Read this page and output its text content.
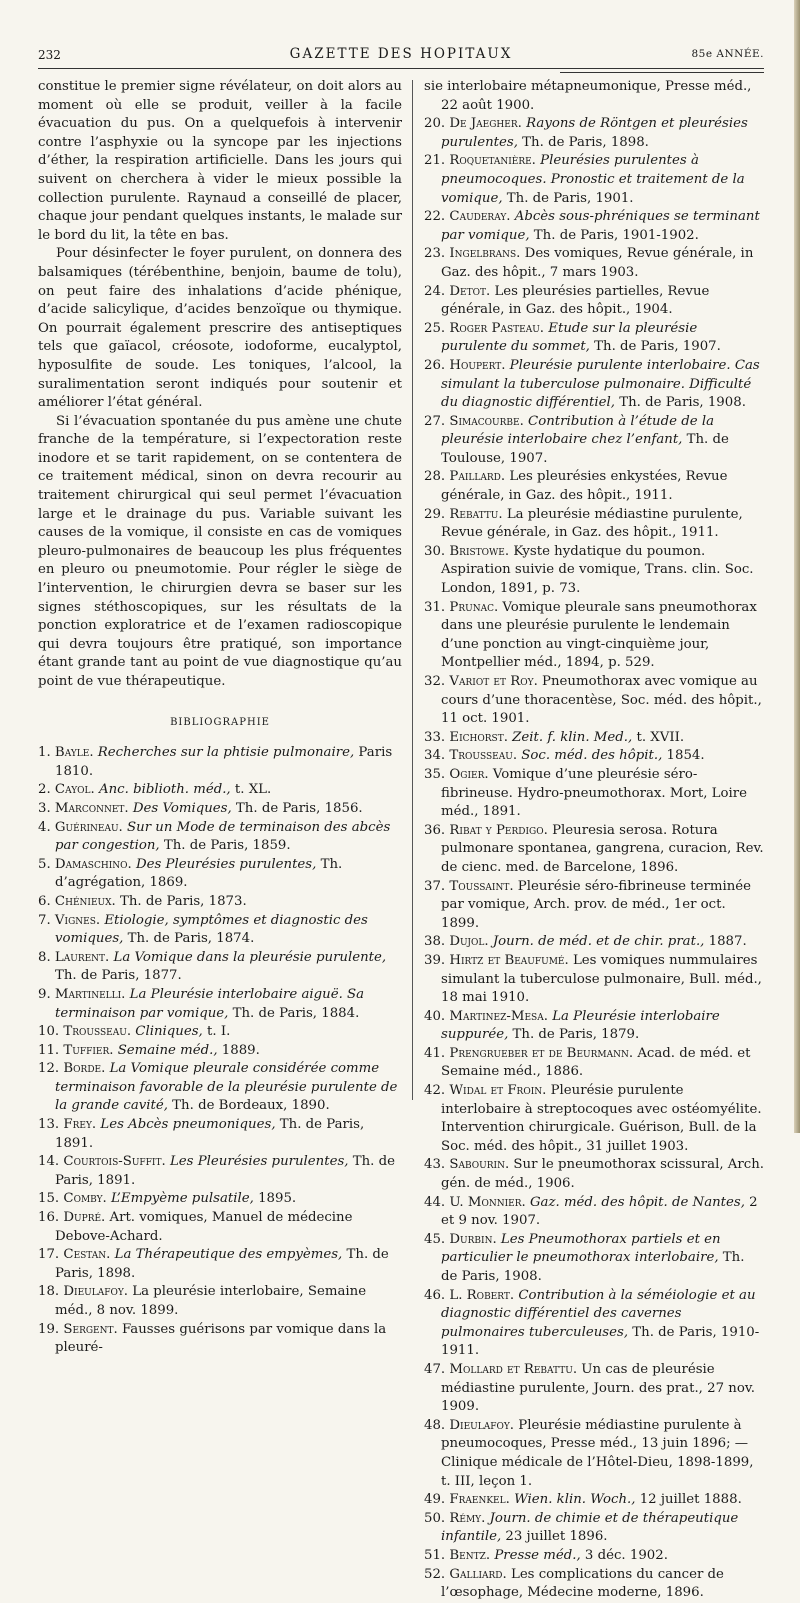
232	GAZETTE DES HOPITAUX	85e ANNÉE.

constitue le premier signe révélateur, on doit alors au moment où elle se produit, veiller à la facile évacuation du pus. On a quelquefois à intervenir contre l’asphyxie ou la syncope par les injections d’éther, la respiration artificielle. Dans les jours qui suivent on cherchera à vider le mieux possible la collection purulente. Raynaud a conseillé de placer, chaque jour pendant quelques instants, le malade sur le bord du lit, la tête en bas.

Pour désinfecter le foyer purulent, on donnera des balsamiques (térébenthine, benjoin, baume de tolu), on peut faire des inhalations d’acide phénique, d’acide salicylique, d’acides benzoïque ou thymique. On pourrait également prescrire des antiseptiques tels que gaïacol, créosote, iodoforme, eucalyptol, hyposulfite de soude. Les toniques, l’alcool, la suralimentation seront indiqués pour soutenir et améliorer l’état général.

Si l’évacuation spontanée du pus amène une chute franche de la température, si l’expectoration reste inodore et se tarit rapidement, on se contentera de ce traitement médical, sinon on devra recourir au traitement chirurgical qui seul permet l’évacuation large et le drainage du pus. Variable suivant les causes de la vomique, il consiste en cas de vomiques pleuro-pulmonaires de beaucoup les plus fréquentes en pleuro ou pneumotomie. Pour régler le siège de l’intervention, le chirurgien devra se baser sur les signes stéthoscopiques, sur les résultats de la ponction exploratrice et de l’examen radioscopique qui devra toujours être pratiqué, son importance étant grande tant au point de vue diagnostique qu’au point de vue thérapeutique.

BIBLIOGRAPHIE
1. Bayle. Recherches sur la phtisie pulmonaire, Paris 1810.
2. Cayol. Anc. biblioth. méd., t. XL.
3. Marconnet. Des Vomiques, Th. de Paris, 1856.
4. Guérineau. Sur un Mode de terminaison des abcès par congestion, Th. de Paris, 1859.
5. Damaschino. Des Pleurésies purulentes, Th. d’agrégation, 1869.
6. Chénieux. Th. de Paris, 1873.
7. Vignes. Etiologie, symptômes et diagnostic des vomiques, Th. de Paris, 1874.
8. Laurent. La Vomique dans la pleurésie purulente, Th. de Paris, 1877.
9. Martinelli. La Pleurésie interlobaire aiguë. Sa terminaison par vomique, Th. de Paris, 1884.
10. Trousseau. Cliniques, t. I.
11. Tuffier. Semaine méd., 1889.
12. Borde. La Vomique pleurale considérée comme terminaison favorable de la pleurésie purulente de la grande cavité, Th. de Bordeaux, 1890.
13. Frey. Les Abcès pneumoniques, Th. de Paris, 1891.
14. Courtois-Suffit. Les Pleurésies purulentes, Th. de Paris, 1891.
15. Comby. L’Empyème pulsatile, 1895.
16. Dupré. Art. vomiques, Manuel de médecine Debove-Achard.
17. Cestan. La Thérapeutique des empyèmes, Th. de Paris, 1898.
18. Dieulafoy. La pleurésie interlobaire, Semaine méd., 8 nov. 1899.
19. Sergent. Fausses guérisons par vomique dans la pleuré-
sie interlobaire métapneumonique, Presse méd., 22 août 1900.
20. De Jaegher. Rayons de Röntgen et pleurésies purulentes, Th. de Paris, 1898.
21. Roquetanière. Pleurésies purulentes à pneumocoques. Pronostic et traitement de la vomique, Th. de Paris, 1901.
22. Cauderay. Abcès sous-phréniques se terminant par vomique, Th. de Paris, 1901-1902.
23. Ingelbrans. Des vomiques, Revue générale, in Gaz. des hôpit., 7 mars 1903.
24. Detot. Les pleurésies partielles, Revue générale, in Gaz. des hôpit., 1904.
25. Roger Pasteau. Etude sur la pleurésie purulente du sommet, Th. de Paris, 1907.
26. Houpert. Pleurésie purulente interlobaire. Cas simulant la tuberculose pulmonaire. Difficulté du diagnostic différentiel, Th. de Paris, 1908.
27. Simacourbe. Contribution à l’étude de la pleurésie interlobaire chez l’enfant, Th. de Toulouse, 1907.
28. Paillard. Les pleurésies enkystées, Revue générale, in Gaz. des hôpit., 1911.
29. Rebattu. La pleurésie médiastine purulente, Revue générale, in Gaz. des hôpit., 1911.
30. Bristowe. Kyste hydatique du poumon. Aspiration suivie de vomique, Trans. clin. Soc. London, 1891, p. 73.
31. Prunac. Vomique pleurale sans pneumothorax dans une pleurésie purulente le lendemain d’une ponction au vingt-cinquième jour, Montpellier méd., 1894, p. 529.
32. Variot et Roy. Pneumothorax avec vomique au cours d’une thoracentèse, Soc. méd. des hôpit., 11 oct. 1901.
33. Eichorst. Zeit. f. klin. Med., t. XVII.
34. Trousseau. Soc. méd. des hôpit., 1854.
35. Ogier. Vomique d’une pleurésie séro-fibrineuse. Hydro-pneumothorax. Mort, Loire méd., 1891.
36. Ribat y Perdigo. Pleuresia serosa. Rotura pulmonare spontanea, gangrena, curacion, Rev. de cienc. med. de Barcelone, 1896.
37. Toussaint. Pleurésie séro-fibrineuse terminée par vomique, Arch. prov. de méd., 1er oct. 1899.
38. Dujol. Journ. de méd. et de chir. prat., 1887.
39. Hirtz et Beaufumé. Les vomiques nummulaires simulant la tuberculose pulmonaire, Bull. méd., 18 mai 1910.
40. Martinez-Mesa. La Pleurésie interlobaire suppurée, Th. de Paris, 1879.
41. Prengrueber et de Beurmann. Acad. de méd. et Semaine méd., 1886.
42. Widal et Froin. Pleurésie purulente interlobaire à streptocoques avec ostéomyélite. Intervention chirurgicale. Guérison, Bull. de la Soc. méd. des hôpit., 31 juillet 1903.
43. Sabourin. Sur le pneumothorax scissural, Arch. gén. de méd., 1906.
44. U. Monnier. Gaz. méd. des hôpit. de Nantes, 2 et 9 nov. 1907.
45. Durbin. Les Pneumothorax partiels et en particulier le pneumothorax interlobaire, Th. de Paris, 1908.
46. L. Robert. Contribution à la séméiologie et au diagnostic différentiel des cavernes pulmonaires tuberculeuses, Th. de Paris, 1910-1911.
47. Mollard et Rebattu. Un cas de pleurésie médiastine purulente, Journ. des prat., 27 nov. 1909.
48. Dieulafoy. Pleurésie médiastine purulente à pneumocoques, Presse méd., 13 juin 1896; — Clinique médicale de l’Hôtel-Dieu, 1898-1899, t. III, leçon 1.
49. Fraenkel. Wien. klin. Woch., 12 juillet 1888.
50. Rémy. Journ. de chimie et de thérapeutique infantile, 23 juillet 1896.
51. Bentz. Presse méd., 3 déc. 1902.
52. Galliard. Les complications du cancer de l’œsophage, Médecine moderne, 1896.
